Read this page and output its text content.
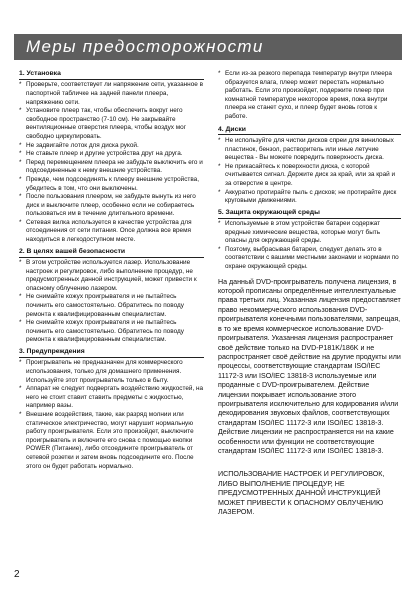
Меры предосторожности
1. Установка
* Проверьте, соответствует ли напряжение сети, указанное в паспортной табличке на задней панели плеера, напряжению сети.
* Установите плеер так, чтобы обеспечить вокруг него свободное пространство (7-10 см). Не закрывайте вентиляционные отверстия плеера, чтобы воздух мог свободно циркулировать.
* Не задвигайте лоток для диска рукой.
* Не ставьте плеер и другие устройства друг на друга.
* Перед перемещением плеера не забудьте выключить его и подсоединенные к нему внешние устройства.
* Прежде, чем подсоединять к плееру внешние устройства, убедитесь в том, что они выключены.
* После пользования плеером, не забудьте вынуть из него диск и выключите плеер, особенно если не собираетесь пользоваться им в течение длительного времени.
* Сетевая вилка используется в качестве устройства для отсоединения от сети питания. Once должна все время находиться в легкодоступном месте.
2. В целях вашей безопасности
* В этом устройстве используется лазер. Использование настроек и регулировок, либо выполнение процедур, не предусмотренных данной инструкцией, может привести к опасному облучению лазером.
* Не снимайте кожух проигрывателя и не пытайтесь починить его самостоятельно. Обратитесь по поводу ремонта к квалифицированным специалистам.
* Не снимайте кожух проигрывателя и не пытайтесь починить его самостоятельно. Обратитесь по поводу ремонта к квалифицированным специалистам.
3. Предупреждения
* Проигрыватель не предназначен для коммерческого использования, только для домашнего применения. Используйте этот проигрыватель только в быту.
* Аппарат не следует подвергать воздействию жидкостей, на него не стоит ставит ставить предметы с жидкостью, например вазы.
* Внешние воздействия, такие, как разряд молнии или статическое электричество, могут нарушит нормальную работу проигрывателя. Если это произойдет, выключите проигрыватель и включите его снова с помощью кнопки POWER (Питание), либо отсоедините проигрыватель от сетевой розетки и затем вновь подсоедините его. После этого он будет работать нормально.
* Если из-за резкого перепада температур внутри плеера образуется влага, плеер может перестать нормально работать. Если это произойдет, подержите плеер при комнатной температуре некоторое время, пока внутри плеера не станет сухо, и плеер будет вновь готов к работе.
4. Диски
* Не используйте для чистки дисков спреи для виниловых пластинок, бензол, растворитель или иные летучие вещества - Вы можете повредить поверхность диска.
* Не прикасайтесь к поверхности диска, с которой считывается сигнал. Держите диск за край, или за край и за отверстие в центре.
* Аккуратно протирайте пыль с дисков; не протирайте диск круговыми движениями.
5. Защита окружающей среды
* Используемые в этом устройстве батареи содержат вредные химические вещества, которые могут быть опасны для окружающей среды.
* Поэтому, выбрасывая батареи, следует делать это в соответствии с вашими местными законами и нормами по охране окружающей среды.
На данный DVD-проигрыватель получена лицензия, в которой прописаны определённые интеллектуальные права третьих лиц. Указанная лицензия предоставляет право некоммерческого использования DVD-проигрывателя конечными пользователями, запрещая, в то же время коммерческое использование DVD-проигрывателя. Указанная лицензия распространяет своё действие только на DVD-P181K/186K и не распространяет своё действие на другие продукты или процессы, соответствующие стандартам ISO/IEC 11172-3 или ISO/IEC 13818-3 используемые или проданные с DVD-проигрывателем. Действие лицензии покрывает использование этого проигрывателя исключительно для кодирования и/или декодирования звуковых файлов, соответствующих стандартам ISO/IEC 11172-3 или ISO/IEC 13818-3. Действие лицензии не распространяется ни на какие особенности или функции не соответствующие стандартам ISO/IEC 11172-3 или ISO/IEC 13818-3.
ИСПОЛЬЗОВАНИЕ НАСТРОЕК И РЕГУЛИРОВОК, ЛИБО ВЫПОЛНЕНИЕ ПРОЦЕДУР, НЕ ПРЕДУСМОТРЕННЫХ ДАННОЙ ИНСТРУКЦИЕЙ МОЖЕТ ПРИВЕСТИ К ОПАСНОМУ ОБЛУЧЕНИЮ ЛАЗЕРОМ.
2
